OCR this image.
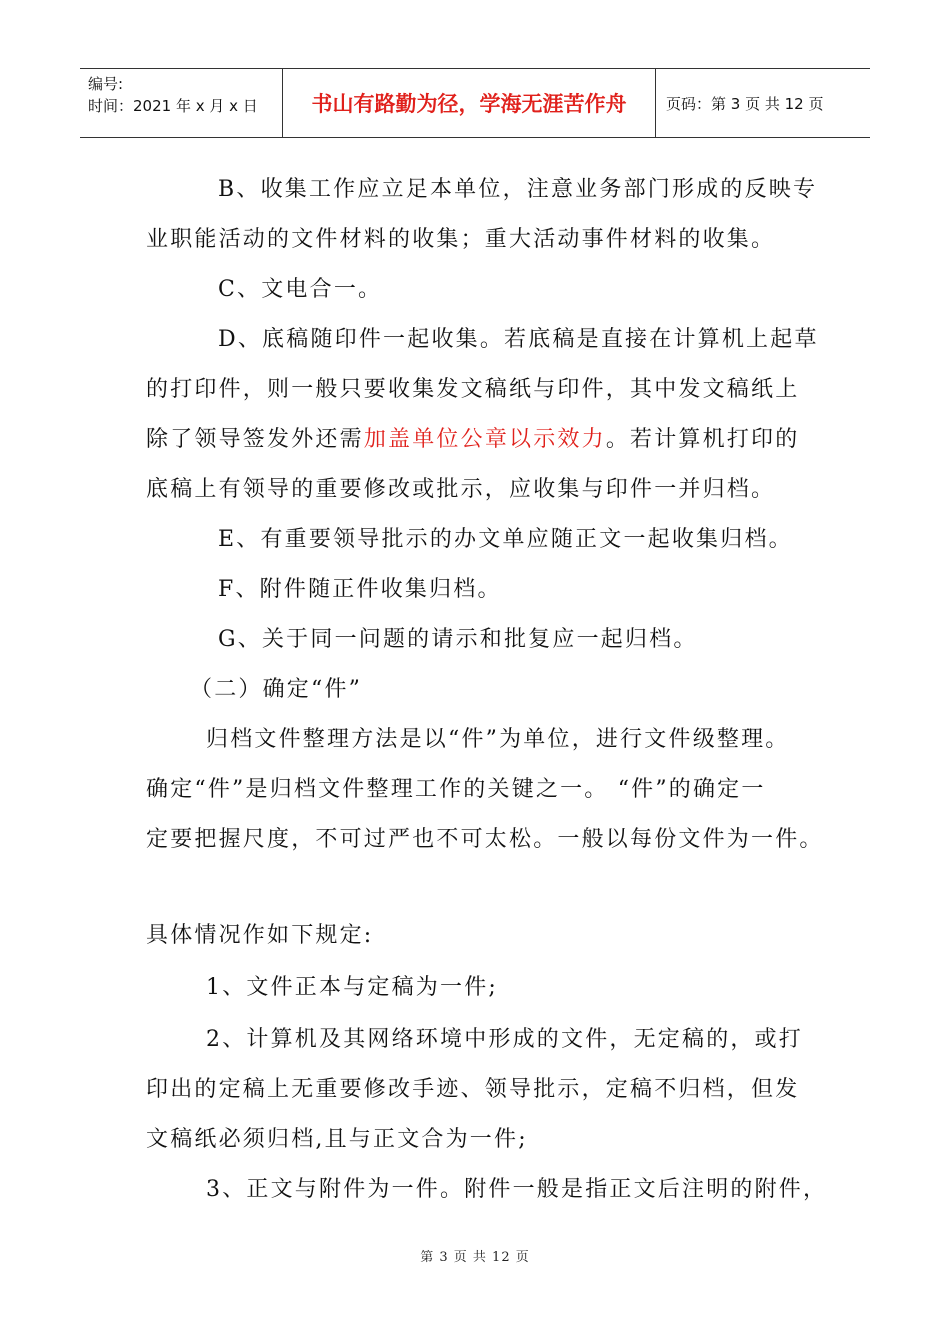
编号:
时间：2021 年 x 月 x 日	书山有路勤为径，学海无涯苦作舟	页码：第 3 页 共 12 页
B、收集工作应立足本单位，注意业务部门形成的反映专
业职能活动的文件材料的收集；重大活动事件材料的收集。
C、文电合一。
D、底稿随印件一起收集。若底稿是直接在计算机上起草
的打印件，则一般只要收集发文稿纸与印件，其中发文稿纸上
除了领导签发外还需加盖单位公章以示效力。若计算机打印的
底稿上有领导的重要修改或批示，应收集与印件一并归档。
E、有重要领导批示的办文单应随正文一起收集归档。
F、附件随正件收集归档。
G、关于同一问题的请示和批复应一起归档。
（二）确定“件”
归档文件整理方法是以“件”为单位，进行文件级整理。
确定“件”是归档文件整理工作的关键之一。 “件”的确定一
定要把握尺度，不可过严也不可太松。一般以每份文件为一件。
具体情况作如下规定:
1、文件正本与定稿为一件;
2、计算机及其网络环境中形成的文件，无定稿的，或打
印出的定稿上无重要修改手迹、领导批示，定稿不归档，但发
文稿纸必须归档,且与正文合为一件;
3、正文与附件为一件。附件一般是指正文后注明的附件，
第 3 页 共 12 页
